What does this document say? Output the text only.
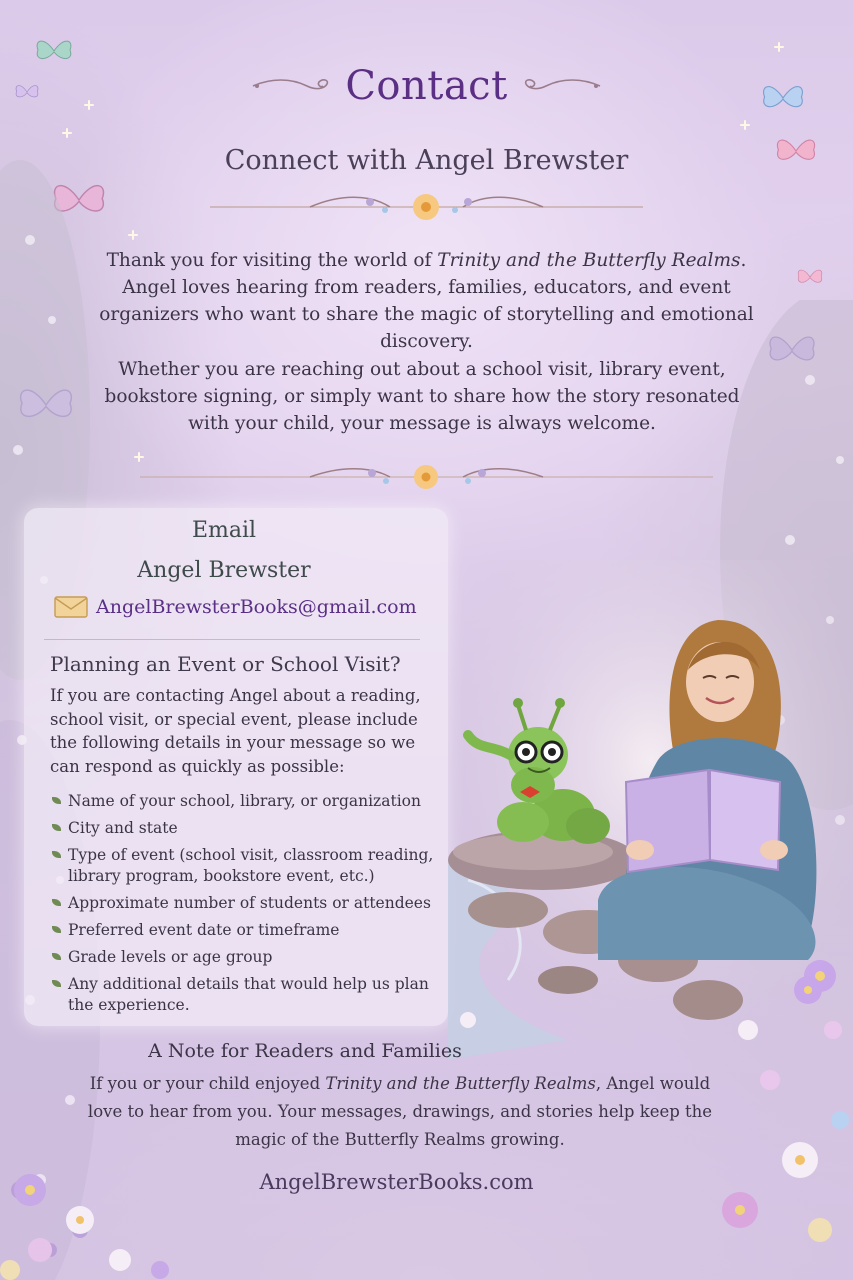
Contact
Connect with Angel Brewster
Thank you for visiting the world of Trinity and the Butterfly Realms.
Angel loves hearing from readers, families, educators, and event organizers who want to share the magic of storytelling and emotional discovery.
Whether you are reaching out about a school visit, library event, bookstore signing, or simply want to share how the story resonated with your child, your message is always welcome.
Email
Angel Brewster
AngelBrewsterBooks@gmail.com
Planning an Event or School Visit?
If you are contacting Angel about a reading, school visit, or special event, please include the following details in your message so we can respond as quickly as possible:
Name of your school, library, or organization
City and state
Type of event (school visit, classroom reading, library program, bookstore event, etc.)
Approximate number of students or attendees
Preferred event date or timeframe
Grade levels or age group
Any additional details that would help us plan the experience.
A Note for Readers and Families
If you or your child enjoyed Trinity and the Butterfly Realms, Angel would love to hear from you. Your messages, drawings, and stories help keep the magic of the Butterfly Realms growing.
AngelBrewsterBooks.com
